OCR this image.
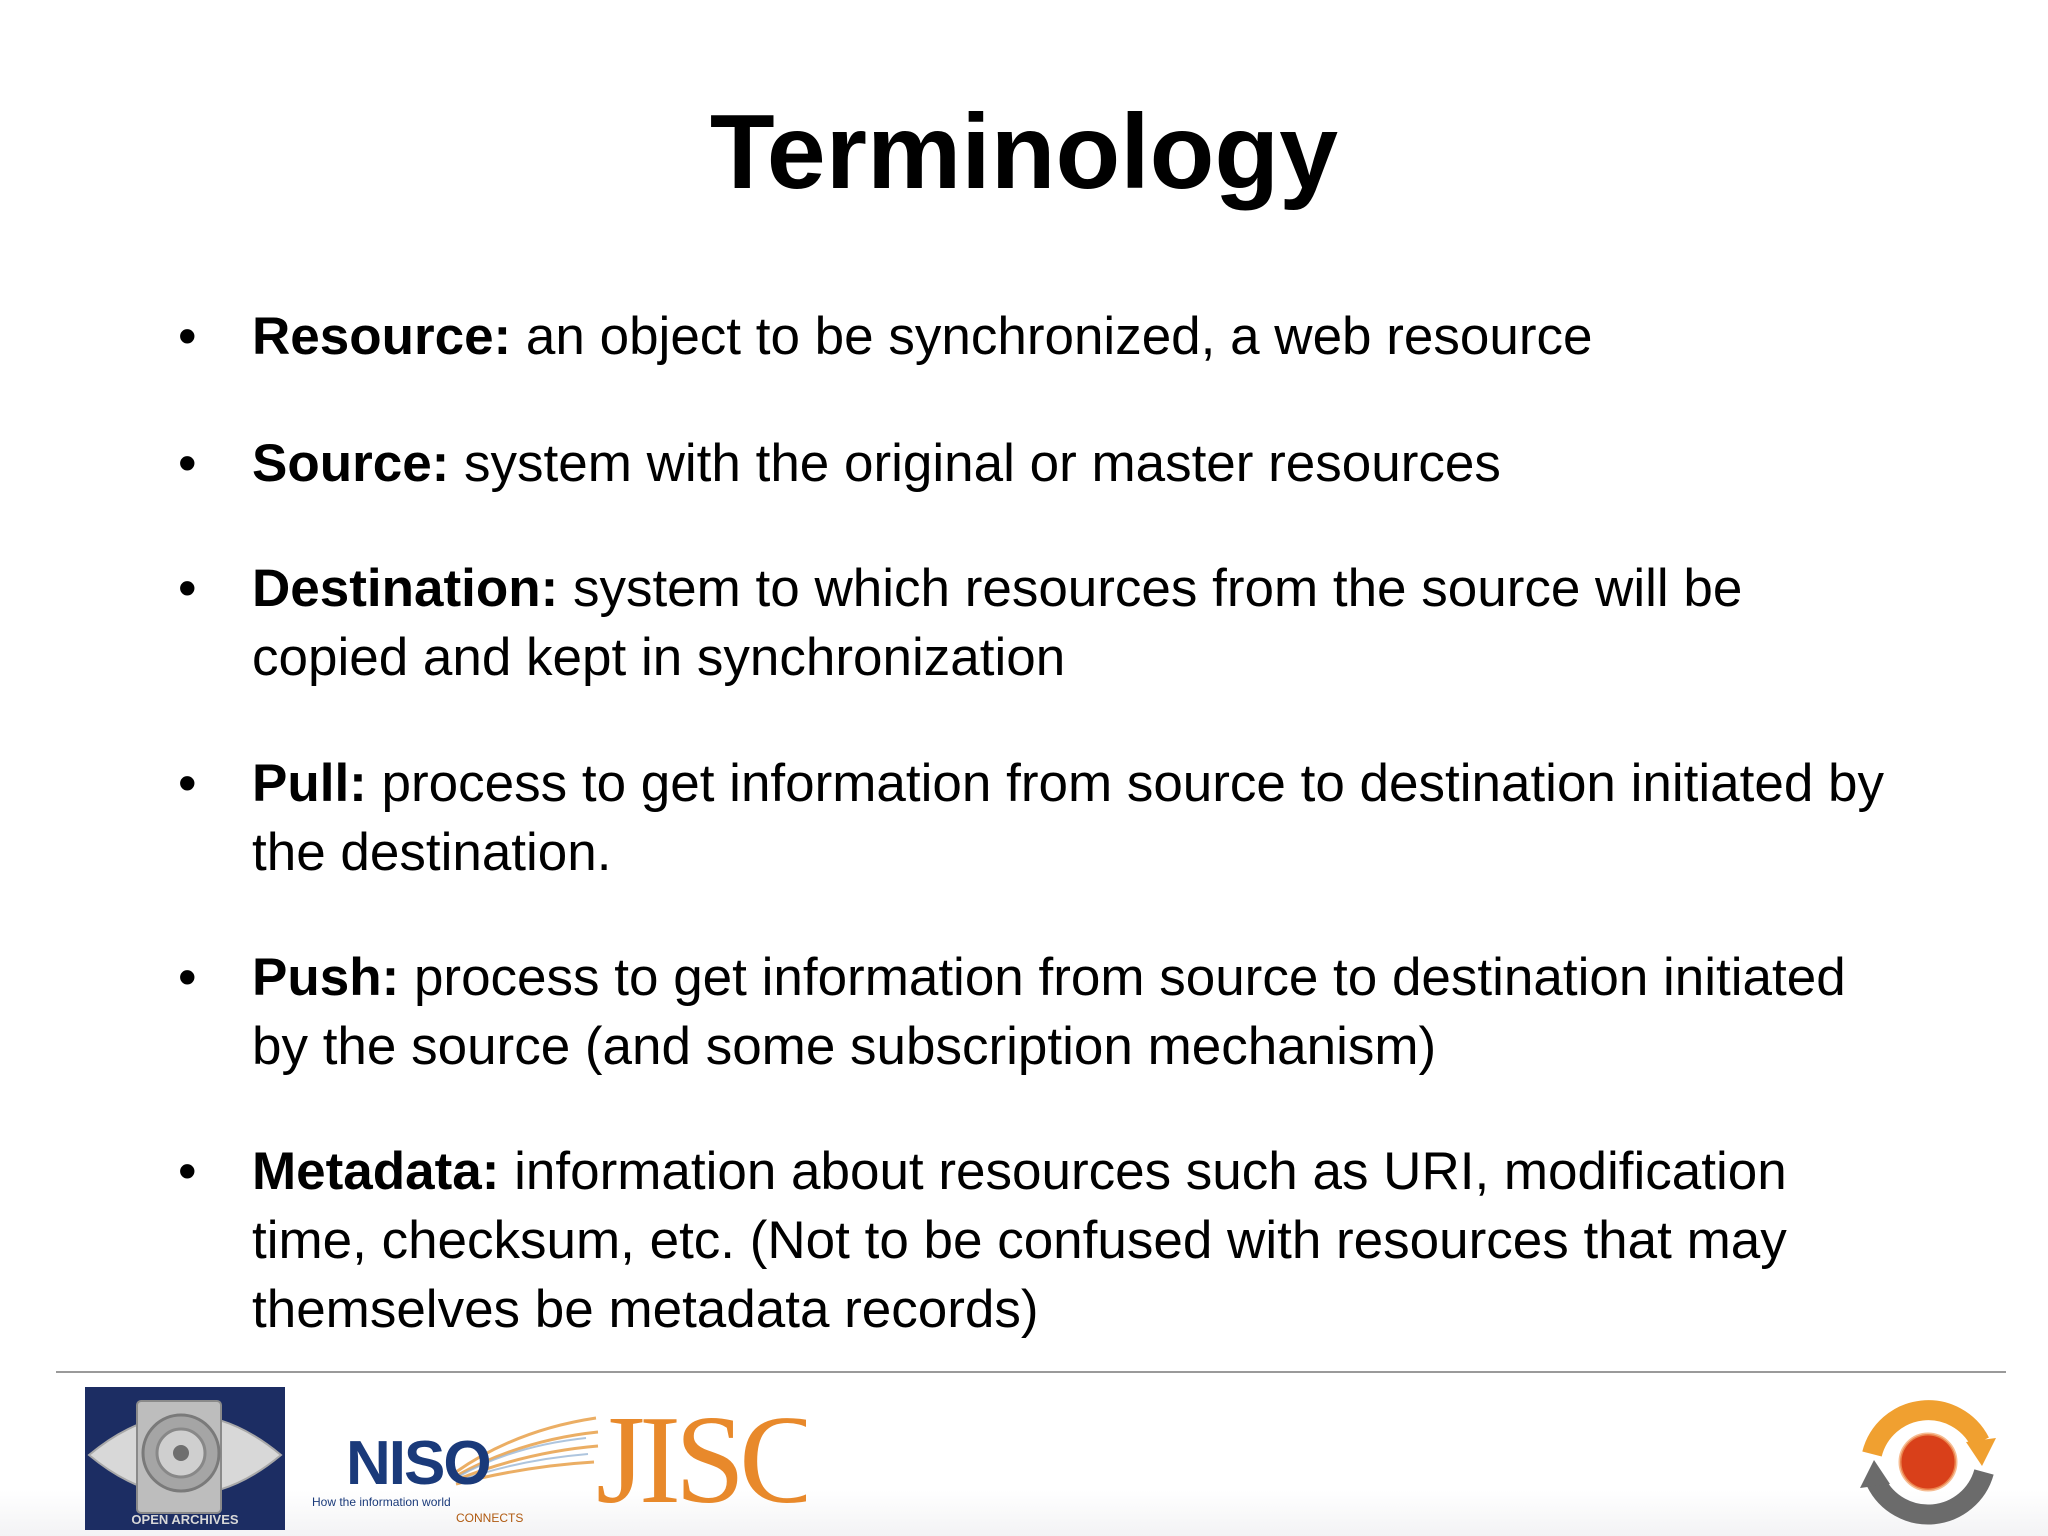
Terminology
•	Resource: an object to be synchronized, a web resource
•	Source: system with the original or master resources
•	Destination: system to which resources from the source will be copied and kept in synchronization
•	Pull: process to get information from source to destination initiated by the destination.
•	Push: process to get information from source to destination initiated by the source (and some subscription mechanism)
•	Metadata: information about resources such as URI, modification time, checksum, etc. (Not to be confused with resources that may themselves be metadata records)
OPEN ARCHIVES
NISO
How the information world
CONNECTS JISC
